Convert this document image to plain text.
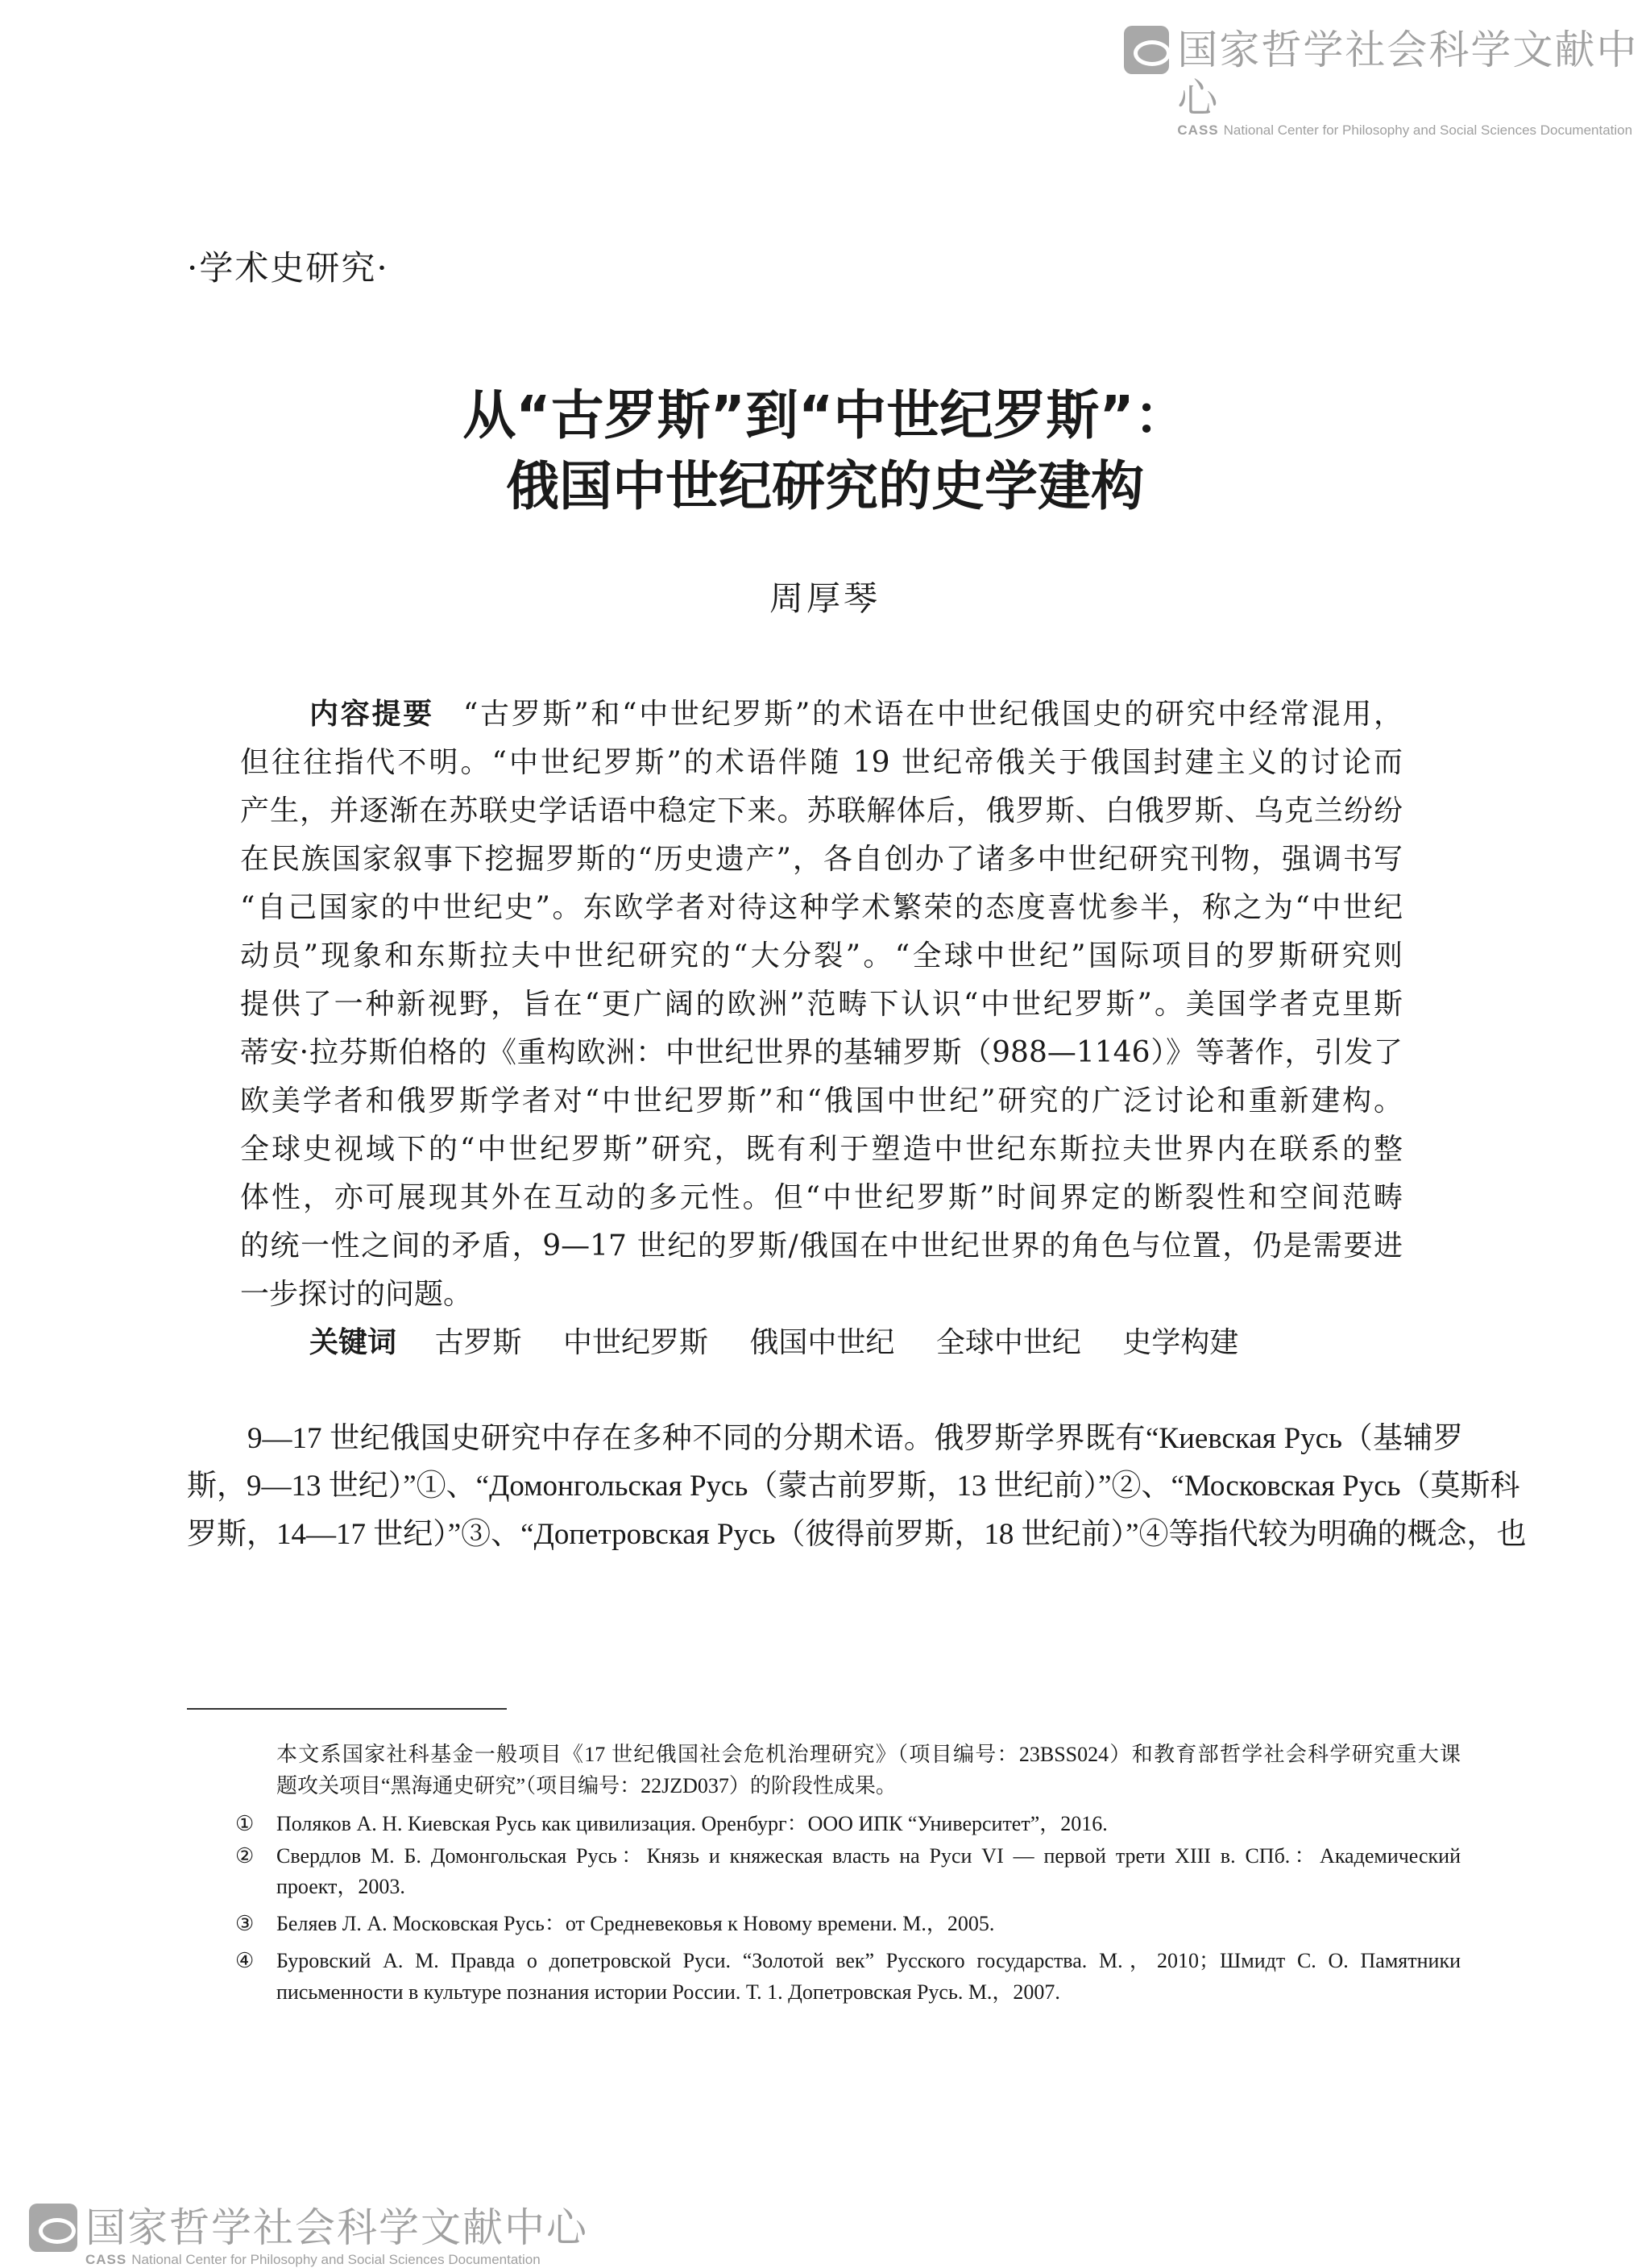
国家哲学社会科学文献中心
CASS National Center for Philosophy and Social Sciences Documentation
·学术史研究·
从“古罗斯”到“中世纪罗斯”：
俄国中世纪研究的史学建构
周厚琴
内容提要 “古罗斯”和“中世纪罗斯”的术语在中世纪俄国史的研究中经常混用，
但往往指代不明。“中世纪罗斯”的术语伴随 19 世纪帝俄关于俄国封建主义的讨论而
产生，并逐渐在苏联史学话语中稳定下来。苏联解体后，俄罗斯、白俄罗斯、乌克兰纷纷
在民族国家叙事下挖掘罗斯的“历史遗产”，各自创办了诸多中世纪研究刊物，强调书写
“自己国家的中世纪史”。东欧学者对待这种学术繁荣的态度喜忧参半，称之为“中世纪
动员”现象和东斯拉夫中世纪研究的“大分裂”。“全球中世纪”国际项目的罗斯研究则
提供了一种新视野，旨在“更广阔的欧洲”范畴下认识“中世纪罗斯”。美国学者克里斯
蒂安·拉芬斯伯格的《重构欧洲：中世纪世界的基辅罗斯（988—1146）》等著作，引发了
欧美学者和俄罗斯学者对“中世纪罗斯”和“俄国中世纪”研究的广泛讨论和重新建构。
全球史视域下的“中世纪罗斯”研究，既有利于塑造中世纪东斯拉夫世界内在联系的整
体性，亦可展现其外在互动的多元性。但“中世纪罗斯”时间界定的断裂性和空间范畴
的统一性之间的矛盾，9—17 世纪的罗斯/俄国在中世纪世界的角色与位置，仍是需要进
一步探讨的问题。
关键词 古罗斯 中世纪罗斯 俄国中世纪 全球中世纪 史学构建
9—17 世纪俄国史研究中存在多种不同的分期术语。俄罗斯学界既有“Киевская Русь（基辅罗
斯，9—13 世纪）”①、“Домонгольская Русь（蒙古前罗斯，13 世纪前）”②、“Московская Русь（莫斯科
罗斯，14—17 世纪）”③、“Допетровская Русь（彼得前罗斯，18 世纪前）”④等指代较为明确的概念，也
本文系国家社科基金一般项目《17 世纪俄国社会危机治理研究》（项目编号：23BSS024）和教育部哲学社会科学研究重大课
题攻关项目“黑海通史研究”（项目编号：22JZD037）的阶段性成果。
① Поляков А. Н. Киевская Русь как цивилизация. Оренбург：ООО ИПК “Университет”，2016.
② Свердлов М. Б. Домонгольская Русь：Князь и княжеская власть на Руси VI — первой трети XIII в. СПб.：Академический
проект，2003.
③ Беляев Л. А. Московская Русь：от Средневековья к Новому времени. М.，2005.
④ Буровский А. М. Правда о допетровской Руси. “Золотой век” Русского государства. М.，2010；Шмидт С. О. Памятники
письменности в культуре познания истории России. Т. 1. Допетровская Русь. М.，2007.
国家哲学社会科学文献中心
CASS National Center for Philosophy and Social Sciences Documentation
